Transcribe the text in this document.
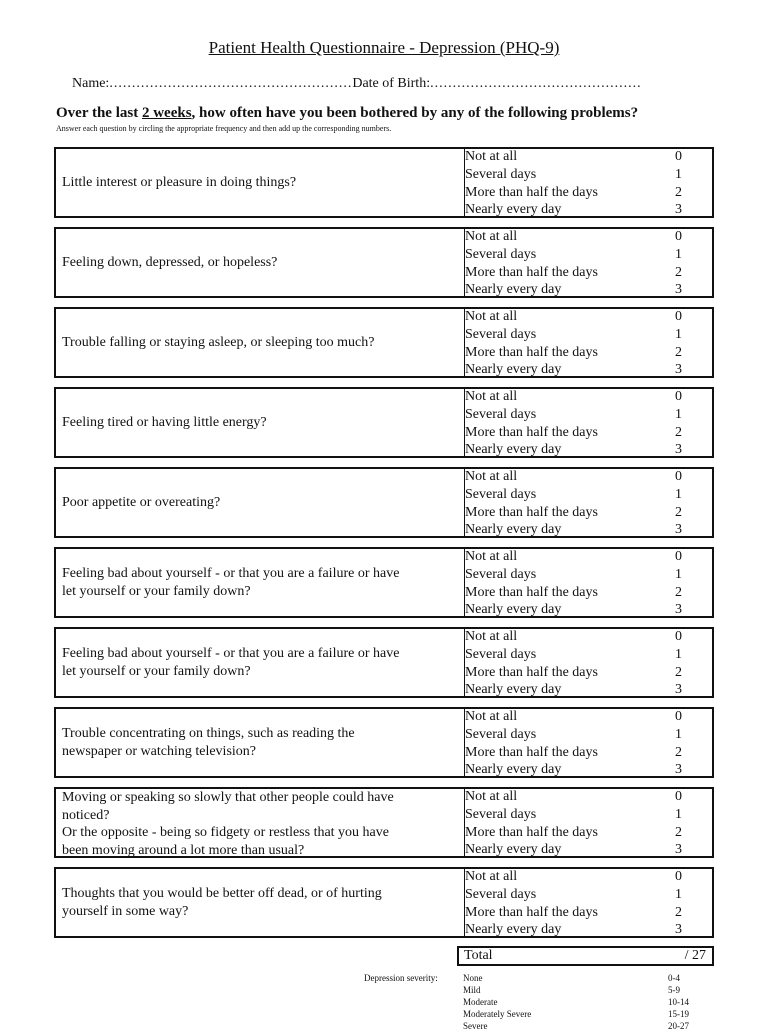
Patient Health Questionnaire - Depression (PHQ-9)
Name:......................................................Date of Birth:...............................................
Over the last 2 weeks, how often have you been bothered by any of the following problems?
Answer each question by circling the appropriate frequency and then add up the corresponding numbers.
Little interest or pleasure in doing things?
Not at all	0
Several days	1
More than half the days	2
Nearly every day	3
Feeling down, depressed, or hopeless?
Not at all	0
Several days	1
More than half the days	2
Nearly every day	3
Trouble falling or staying asleep, or sleeping too much?
Not at all	0
Several days	1
More than half the days	2
Nearly every day	3
Feeling tired or having little energy?
Not at all	0
Several days	1
More than half the days	2
Nearly every day	3
Poor appetite or overeating?
Not at all	0
Several days	1
More than half the days	2
Nearly every day	3
Feeling bad about yourself - or that you are a failure or have
let yourself or your family down?
Not at all	0
Several days	1
More than half the days	2
Nearly every day	3
Feeling bad about yourself - or that you are a failure or have
let yourself or your family down?
Not at all	0
Several days	1
More than half the days	2
Nearly every day	3
Trouble concentrating on things, such as reading the
newspaper or watching television?
Not at all	0
Several days	1
More than half the days	2
Nearly every day	3
Moving or speaking so slowly that other people could have
noticed?
Or the opposite - being so fidgety or restless that you have
been moving around a lot more than usual?
Not at all	0
Several days	1
More than half the days	2
Nearly every day	3
Thoughts that you would be better off dead, or of hurting
yourself in some way?
Not at all	0
Several days	1
More than half the days	2
Nearly every day	3
Total	/ 27
Depression severity:	None	0-4
Mild	5-9
Moderate	10-14
Moderately Severe	15-19
Severe	20-27
